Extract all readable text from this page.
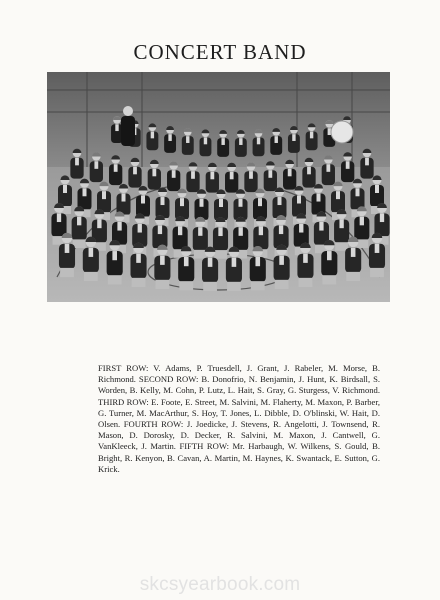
CONCERT BAND
FIRST ROW: V. Adams, P. Truesdell, J. Grant, J. Rabeler, M. Morse, B. Richmond. SECOND ROW: B. Donofrio, N. Benjamin, J. Hunt, K. Birdsall, S. Worden, B. Kelly, M. Cohn, P. Lutz, L. Hait, S. Gray, G. Sturgess, V. Richmond. THIRD ROW: E. Foote, E. Street, M. Salvini, M. Flaherty, M. Maxon, P. Barber, G. Turner, M. MacArthur, S. Hoy, T. Jones, L. Dibble, D. O'blinski, W. Hait, D. Olsen. FOURTH ROW: J. Joedicke, J. Stevens, R. Angelotti, J. Townsend, R. Mason, D. Dorosky, D. Decker, R. Salvini, M. Maxon, J. Cantwell, G. VanKleeck, J. Martin. FIFTH ROW: Mr. Harbaugh, W. Wilkens, S. Gould, B. Bright, R. Kenyon, B. Cavan, A. Martin, M. Haynes, K. Swantack, E. Sutton, G. Krick.
skcsyearbook.com
